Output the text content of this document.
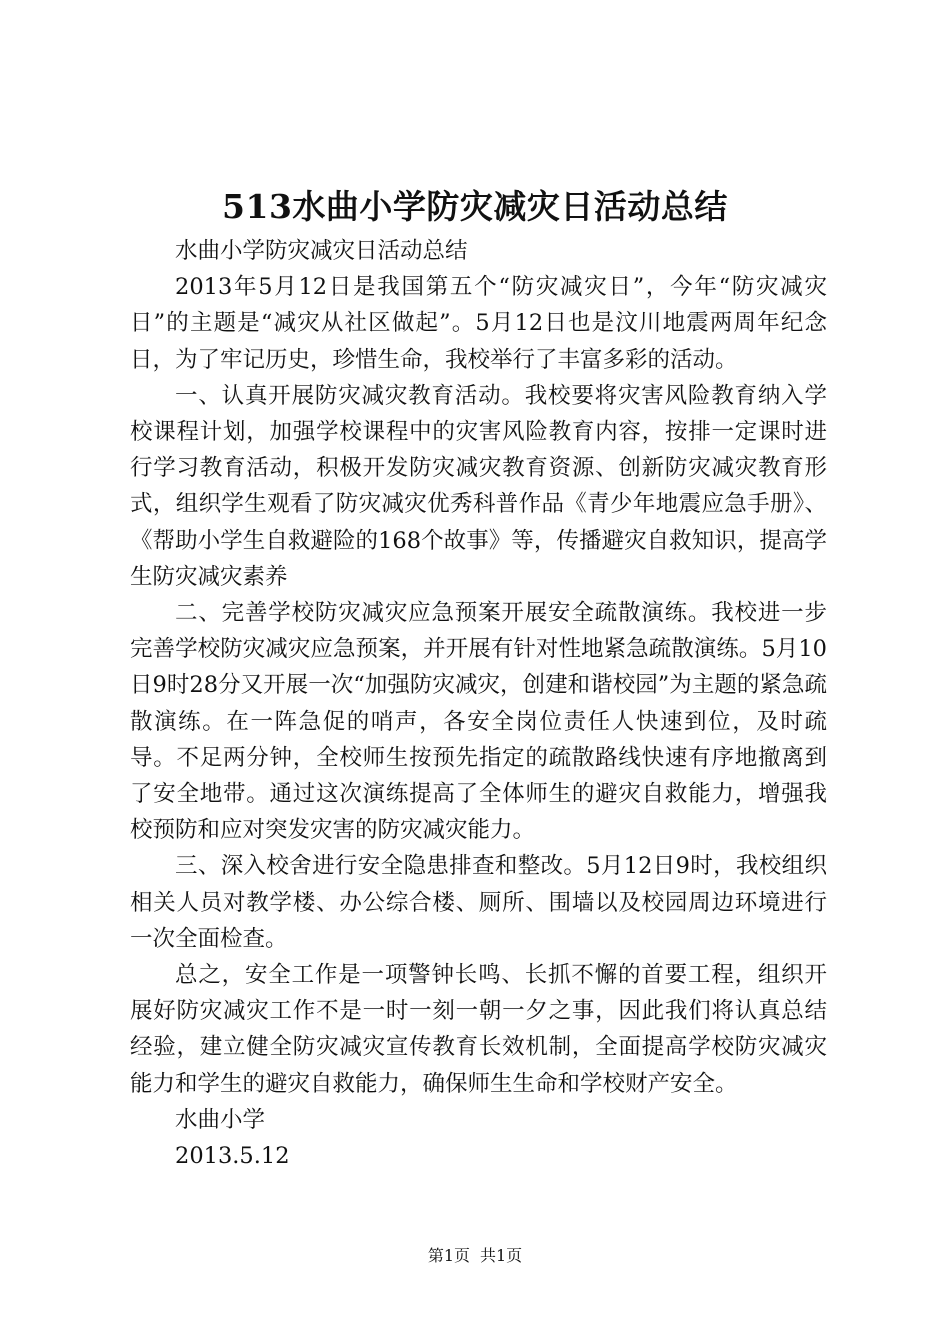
513水曲小学防灾减灾日活动总结

水曲小学防灾减灾日活动总结

2013年5月12日是我国第五个“防灾减灾日”，今年“防灾减灾日”的主题是“减灾从社区做起”。5月12日也是汶川地震两周年纪念日，为了牢记历史，珍惜生命，我校举行了丰富多彩的活动。

一、认真开展防灾减灾教育活动。我校要将灾害风险教育纳入学校课程计划，加强学校课程中的灾害风险教育内容，按排一定课时进行学习教育活动，积极开发防灾减灾教育资源、创新防灾减灾教育形式，组织学生观看了防灾减灾优秀科普作品《青少年地震应急手册》、《帮助小学生自救避险的168个故事》等，传播避灾自救知识，提高学生防灾减灾素养

二、完善学校防灾减灾应急预案开展安全疏散演练。我校进一步完善学校防灾减灾应急预案，并开展有针对性地紧急疏散演练。5月10日9时28分又开展一次“加强防灾减灾，创建和谐校园”为主题的紧急疏散演练。在一阵急促的哨声，各安全岗位责任人快速到位，及时疏导。不足两分钟，全校师生按预先指定的疏散路线快速有序地撤离到了安全地带。通过这次演练提高了全体师生的避灾自救能力，增强我校预防和应对突发灾害的防灾减灾能力。

三、深入校舍进行安全隐患排查和整改。5月12日9时，我校组织相关人员对教学楼、办公综合楼、厕所、围墙以及校园周边环境进行一次全面检查。

总之，安全工作是一项警钟长鸣、长抓不懈的首要工程，组织开展好防灾减灾工作不是一时一刻一朝一夕之事，因此我们将认真总结经验，建立健全防灾减灾宣传教育长效机制，全面提高学校防灾减灾能力和学生的避灾自救能力，确保师生生命和学校财产安全。

水曲小学

2013.5.12

第1页 共1页
